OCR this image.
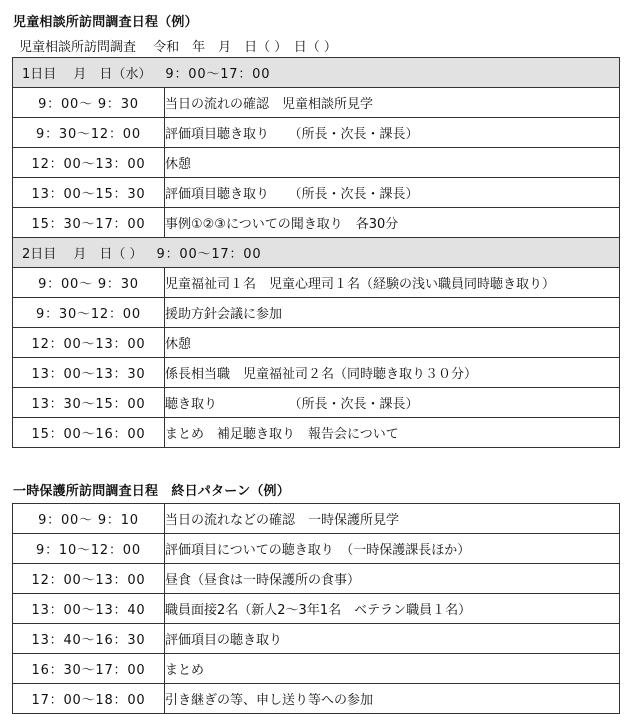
児童相談所訪問調査日程（例）
児童相談所訪問調査　 令和　年　月　日（ ）　日（ ）
1日目　 月　日（水） 9：00～17：00	
9：00～ 9：30	当日の流れの確認　児童相談所見学
9：30～12：00	評価項目聴き取り　　（所長・次長・課長）
12：00～13：00	休憩
13：00～15：30	評価項目聴き取り　　（所長・次長・課長）
15：30～17：00	事例①②③についての聞き取り　各30分
2日目　 月　日（ ） 9：00～17：00	
9：00～ 9：30	児童福祉司１名　児童心理司１名（経験の浅い職員同時聴き取り）
9：30～12：00	援助方針会議に参加
12：00～13：00	休憩
13：00～13：30	係長相当職　児童福祉司２名（同時聴き取り３０分）
13：30～15：00	聴き取り　　　　　　（所長・次長・課長）
15：00～16：00	まとめ　補足聴き取り　報告会について
一時保護所訪問調査日程　終日パターン（例）
9：00～ 9：10	当日の流れなどの確認　一時保護所見学
9：10～12：00	評価項目についての聴き取り　（一時保護課長ほか）
12：00～13：00	昼食（昼食は一時保護所の食事）
13：00～13：40	職員面接2名（新人2～3年1名　ベテラン職員１名）
13：40～16：30	評価項目の聴き取り
16：30～17：00	まとめ
17：00～18：00	引き継ぎの等、申し送り等への参加
